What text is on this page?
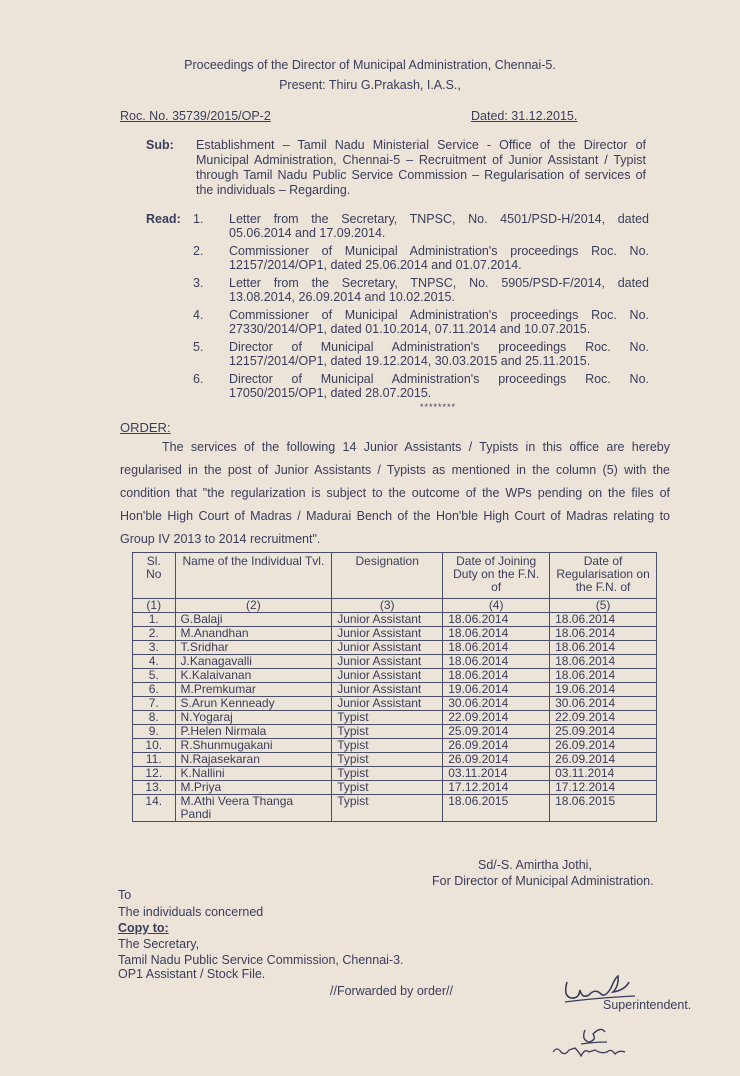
Proceedings of the Director of Municipal Administration, Chennai-5.
Present: Thiru G.Prakash, I.A.S.,
Roc. No. 35739/2015/OP-2	Dated: 31.12.2015.
Sub: Establishment – Tamil Nadu Ministerial Service - Office of the Director of Municipal Administration, Chennai-5 – Recruitment of Junior Assistant / Typist through Tamil Nadu Public Service Commission – Regularisation of services of the individuals – Regarding.
Read: 1.	Letter from the Secretary, TNPSC, No. 4501/PSD-H/2014, dated 05.06.2014 and 17.09.2014.
2.	Commissioner of Municipal Administration's proceedings Roc. No. 12157/2014/OP1, dated 25.06.2014 and 01.07.2014.
3.	Letter from the Secretary, TNPSC, No. 5905/PSD-F/2014, dated 13.08.2014, 26.09.2014 and 10.02.2015.
4.	Commissioner of Municipal Administration's proceedings Roc. No. 27330/2014/OP1, dated 01.10.2014, 07.11.2014 and 10.07.2015.
5.	Director of Municipal Administration's proceedings Roc. No. 12157/2014/OP1, dated 19.12.2014, 30.03.2015 and 25.11.2015.
6.	Director of Municipal Administration's proceedings Roc. No. 17050/2015/OP1, dated 28.07.2015.
********
ORDER:
The services of the following 14 Junior Assistants / Typists in this office are hereby regularised in the post of Junior Assistants / Typists as mentioned in the column (5) with the condition that "the regularization is subject to the outcome of the WPs pending on the files of Hon'ble High Court of Madras / Madurai Bench of the Hon'ble High Court of Madras relating to Group IV 2013 to 2014 recruitment".
Sl. No	Name of the Individual Tvl.	Designation	Date of Joining Duty on the F.N. of	Date of Regularisation on the F.N. of
(1)	(2)	(3)	(4)	(5)
1.	G.Balaji	Junior Assistant	18.06.2014	18.06.2014
2.	M.Anandhan	Junior Assistant	18.06.2014	18.06.2014
3.	T.Sridhar	Junior Assistant	18.06.2014	18.06.2014
4.	J.Kanagavalli	Junior Assistant	18.06.2014	18.06.2014
5.	K.Kalaivanan	Junior Assistant	18.06.2014	18.06.2014
6.	M.Premkumar	Junior Assistant	19.06.2014	19.06.2014
7.	S.Arun Kenneady	Junior Assistant	30.06.2014	30.06.2014
8.	N.Yogaraj	Typist	22.09.2014	22.09.2014
9.	P.Helen Nirmala	Typist	25.09.2014	25.09.2014
10.	R.Shunmugakani	Typist	26.09.2014	26.09.2014
11.	N.Rajasekaran	Typist	26.09.2014	26.09.2014
12.	K.Nallini	Typist	03.11.2014	03.11.2014
13.	M.Priya	Typist	17.12.2014	17.12.2014
14.	M.Athi Veera Thanga Pandi	Typist	18.06.2015	18.06.2015
Sd/-S. Amirtha Jothi,
For Director of Municipal Administration.
To
The individuals concerned
Copy to:
The Secretary,
Tamil Nadu Public Service Commission, Chennai-3.
OP1 Assistant / Stock File.
//Forwarded by order//
Superintendent.
